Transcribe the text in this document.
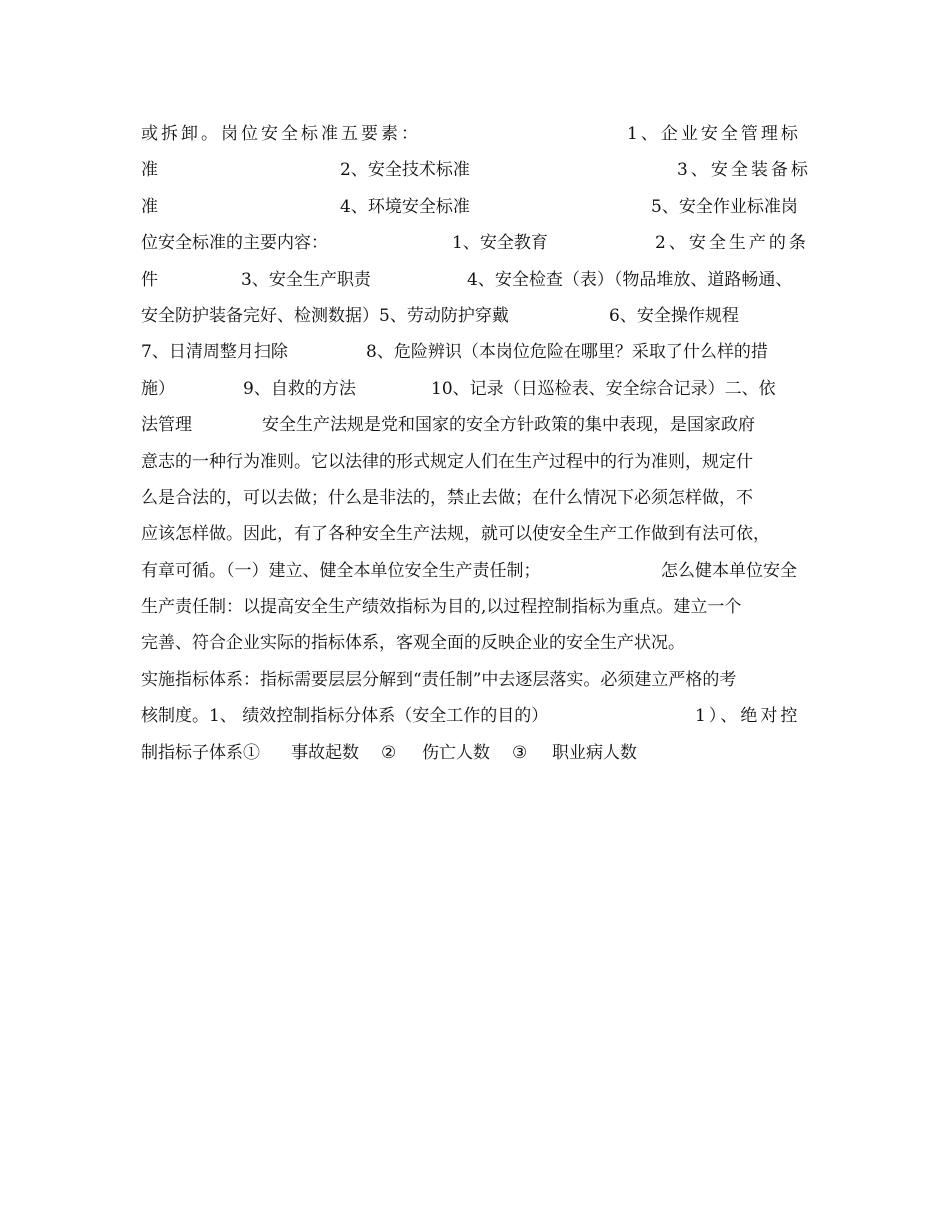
或拆卸。岗位安全标准五要素：

	1、企业安全管理标

准

	2、安全技术标准

	3、安全装备标

准

	4、环境安全标准

	5、安全作业标准岗

位安全标准的主要内容：

	1、安全教育

	2、安全生产的条

件

	3、安全生产职责

	4、安全检查（表）（物品堆放、道路畅通、

安全防护装备完好、检测数据）5、劳动防护穿戴

	6、安全操作规程

7、日清周整月扫除

	8、危险辨识（本岗位危险在哪里？采取了什么样的措

施）

	9、自救的方法

	10、记录（日巡检表、安全综合记录）二、依

法管理

	安全生产法规是党和国家的安全方针政策的集中表现，是国家政府

意志的一种行为准则。它以法律的形式规定人们在生产过程中的行为准则，规定什

么是合法的，可以去做；什么是非法的，禁止去做；在什么情况下必须怎样做，不

应该怎样做。因此，有了各种安全生产法规，就可以使安全生产工作做到有法可依，

有章可循。（一）建立、健全本单位安全生产责任制；

	怎么健本单位安全

生产责任制：以提高安全生产绩效指标为目的,以过程控制指标为重点。建立一个

完善、符合企业实际的指标体系，客观全面的反映企业的安全生产状况。

实施指标体系：指标需要层层分解到“责任制”中去逐层落实。必须建立严格的考

核制度。1、 绩效控制指标分体系（安全工作的目的）

	1）、绝对控

制指标子体系①

事故起数

②

伤亡人数

③

职业病人数
